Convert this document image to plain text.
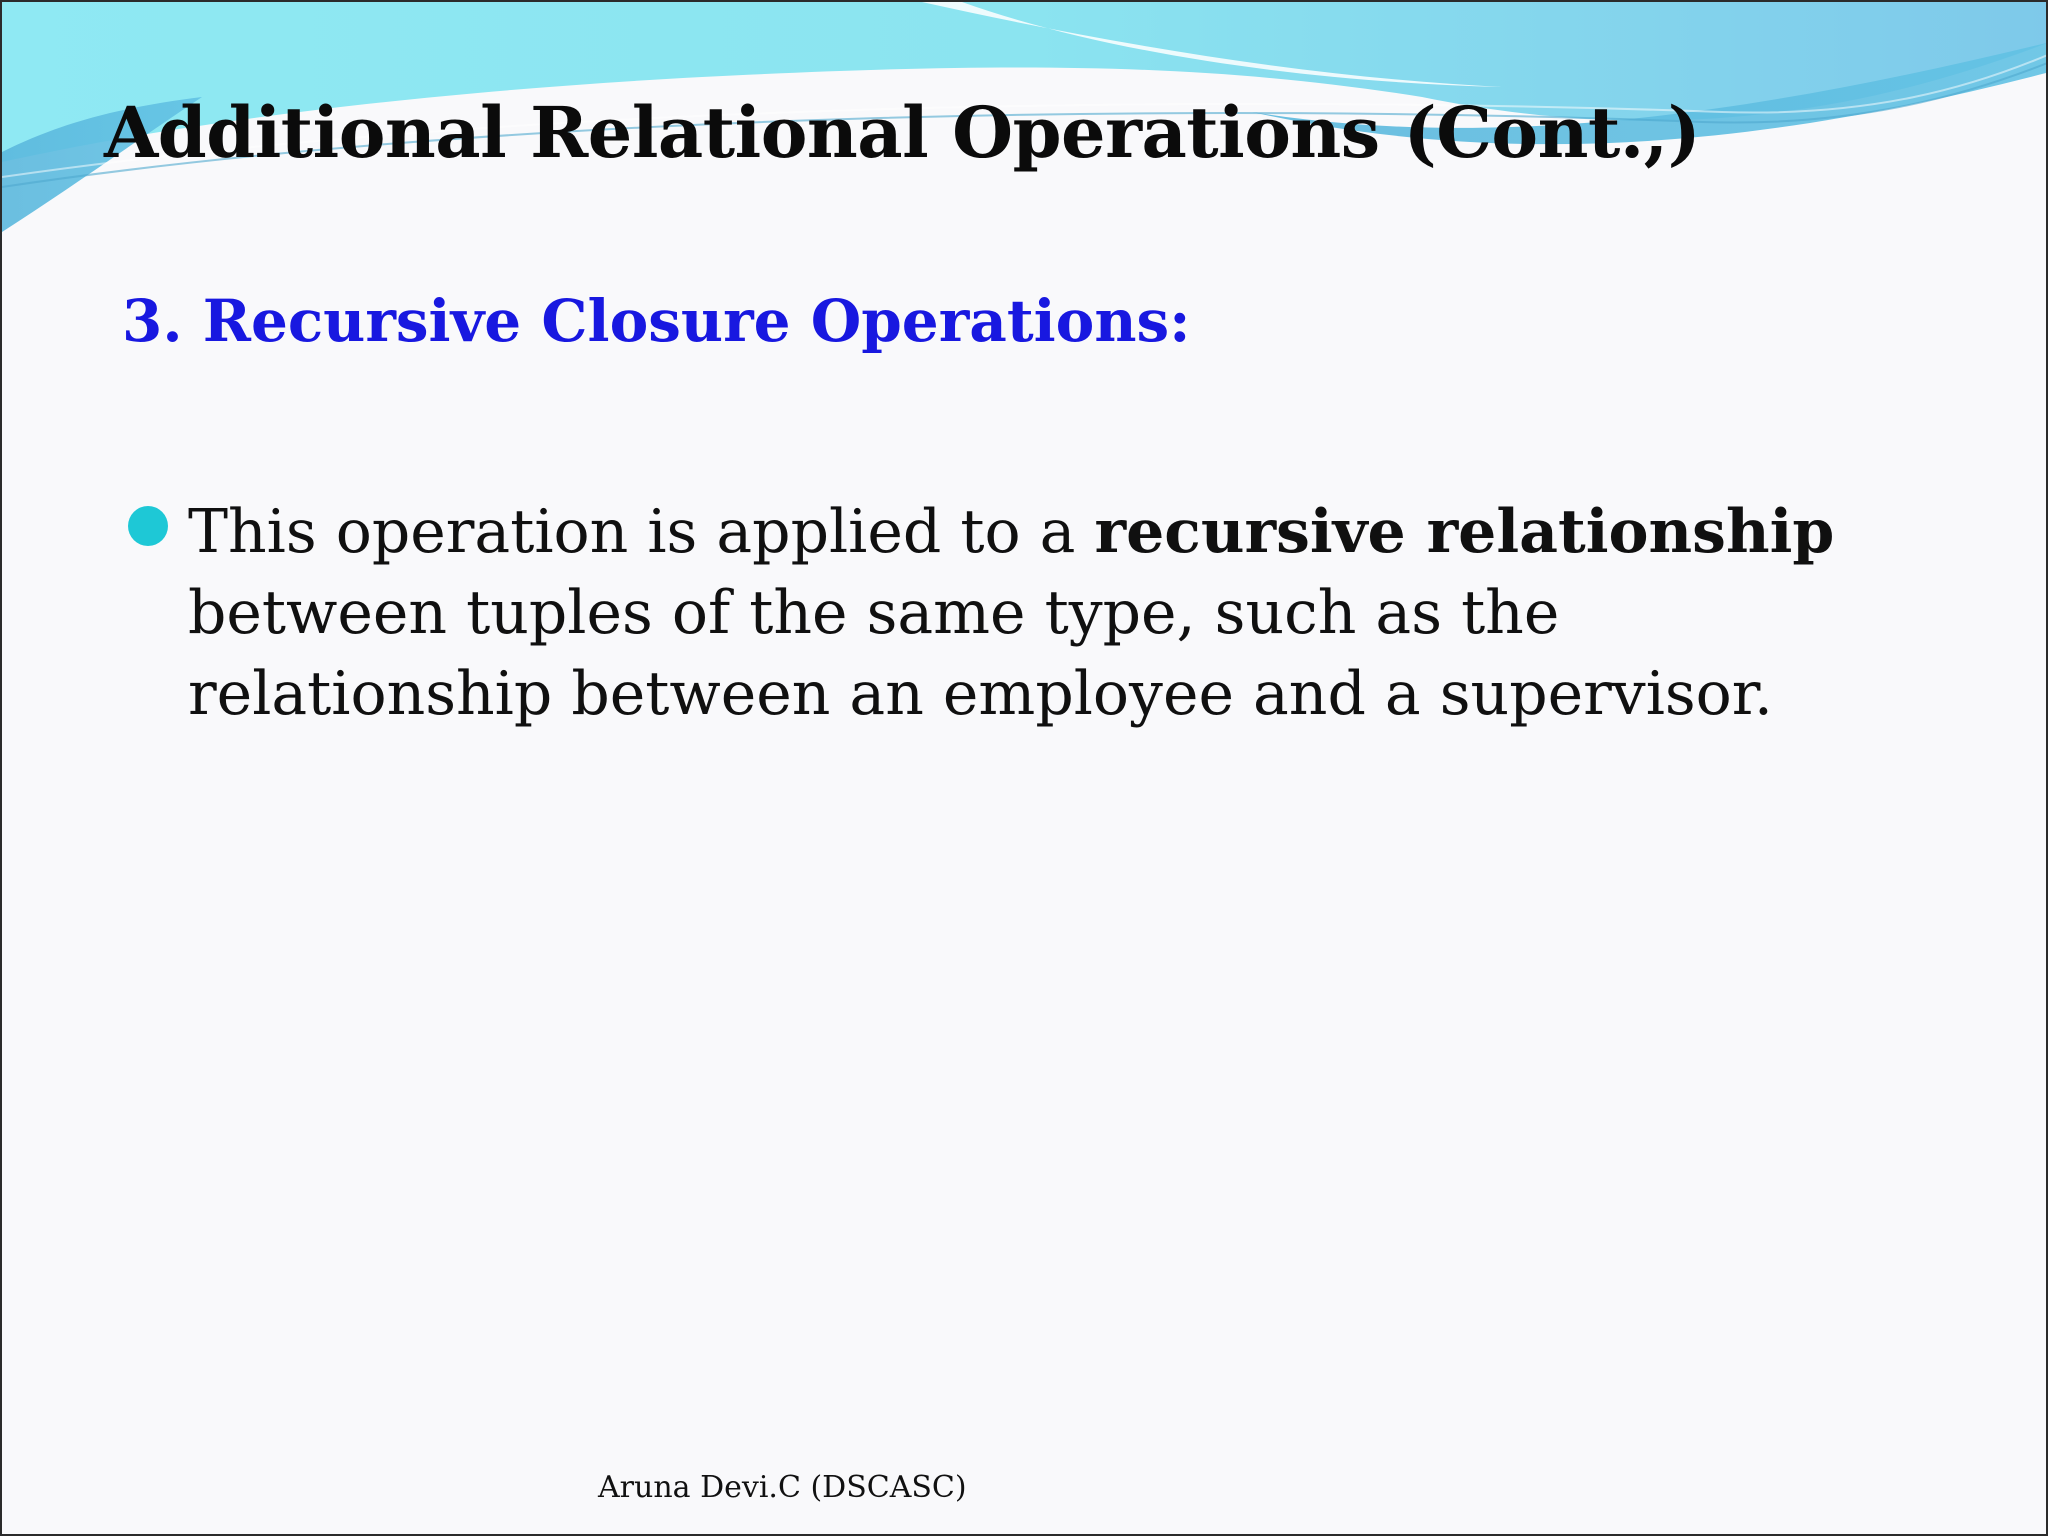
Additional Relational Operations (Cont.,)
3. Recursive Closure Operations:
This operation is applied to a recursive relationship between tuples of the same type, such as the relationship between an employee and a supervisor.
Aruna Devi.C (DSCASC)
